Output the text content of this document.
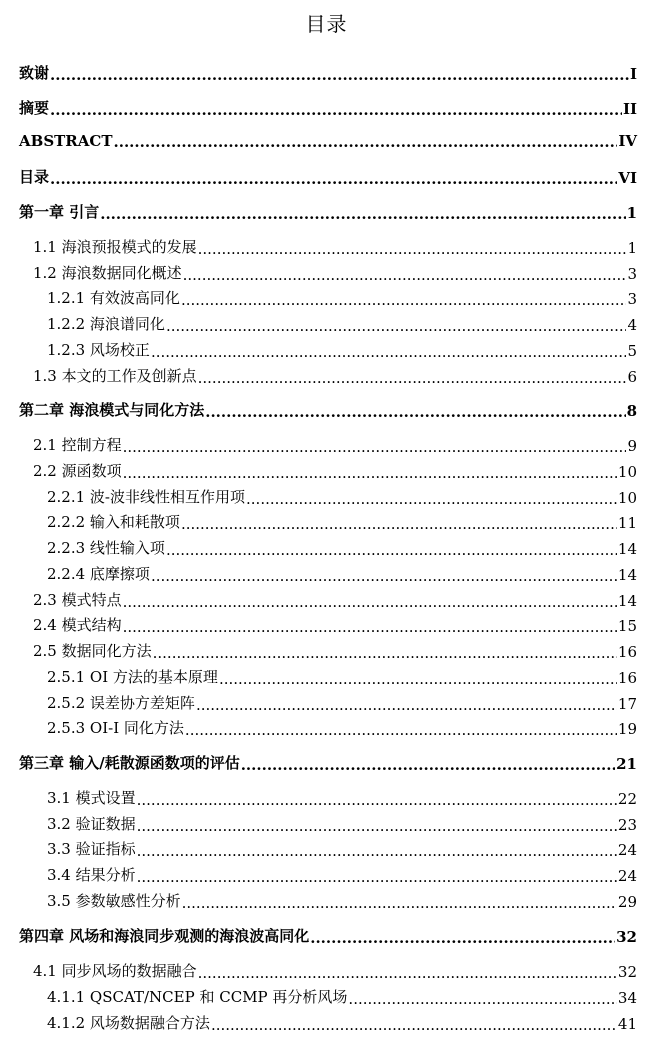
目录
致谢 .....	I
摘要 .....	II
ABSTRACT .....	IV
目录 .....	VI
第一章 引言 .....	1
1.1 海浪预报模式的发展 .....	1
1.2 海浪数据同化概述 .....	3
1.2.1 有效波高同化 .....	3
1.2.2 海浪谱同化 .....	4
1.2.3 风场校正 .....	5
1.3 本文的工作及创新点 .....	6
第二章 海浪模式与同化方法 .....	8
2.1 控制方程 .....	9
2.2 源函数项 .....	10
2.2.1 波-波非线性相互作用项 .....	10
2.2.2 输入和耗散项 .....	11
2.2.3 线性输入项 .....	14
2.2.4 底摩擦项 .....	14
2.3 模式特点 .....	14
2.4 模式结构 .....	15
2.5 数据同化方法 .....	16
2.5.1 OI 方法的基本原理 .....	16
2.5.2 误差协方差矩阵 .....	17
2.5.3 OI-I 同化方法 .....	19
第三章 输入/耗散源函数项的评估 .....	21
3.1 模式设置 .....	22
3.2 验证数据 .....	23
3.3 验证指标 .....	24
3.4 结果分析 .....	24
3.5 参数敏感性分析 .....	29
第四章 风场和海浪同步观测的海浪波高同化 .....	32
4.1 同步风场的数据融合 .....	32
4.1.1 QSCAT/NCEP 和 CCMP 再分析风场 .....	34
4.1.2 风场数据融合方法 .....	41
